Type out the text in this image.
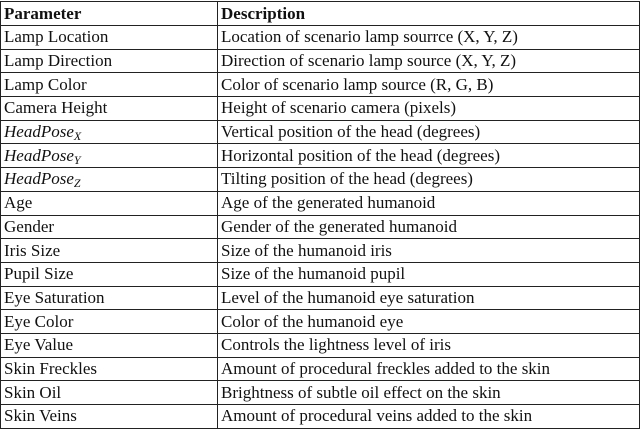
Parameter	Description
Lamp Location	Location of scenario lamp sourrce (X, Y, Z)
Lamp Direction	Direction of scenario lamp source (X, Y, Z)
Lamp Color	Color of scenario lamp source (R, G, B)
Camera Height	Height of scenario camera (pixels)
HeadPose$_X$	Vertical position of the head (degrees)
HeadPose$_Y$	Horizontal position of the head (degrees)
HeadPose$_Z$	Tilting position of the head (degrees)
Age	Age of the generated humanoid
Gender	Gender of the generated humanoid
Iris Size	Size of the humanoid iris
Pupil Size	Size of the humanoid pupil
Eye Saturation	Level of the humanoid eye saturation
Eye Color	Color of the humanoid eye
Eye Value	Controls the lightness level of iris
Skin Freckles	Amount of procedural freckles added to the skin
Skin Oil	Brightness of subtle oil effect on the skin
Skin Veins	Amount of procedural veins added to the skin
